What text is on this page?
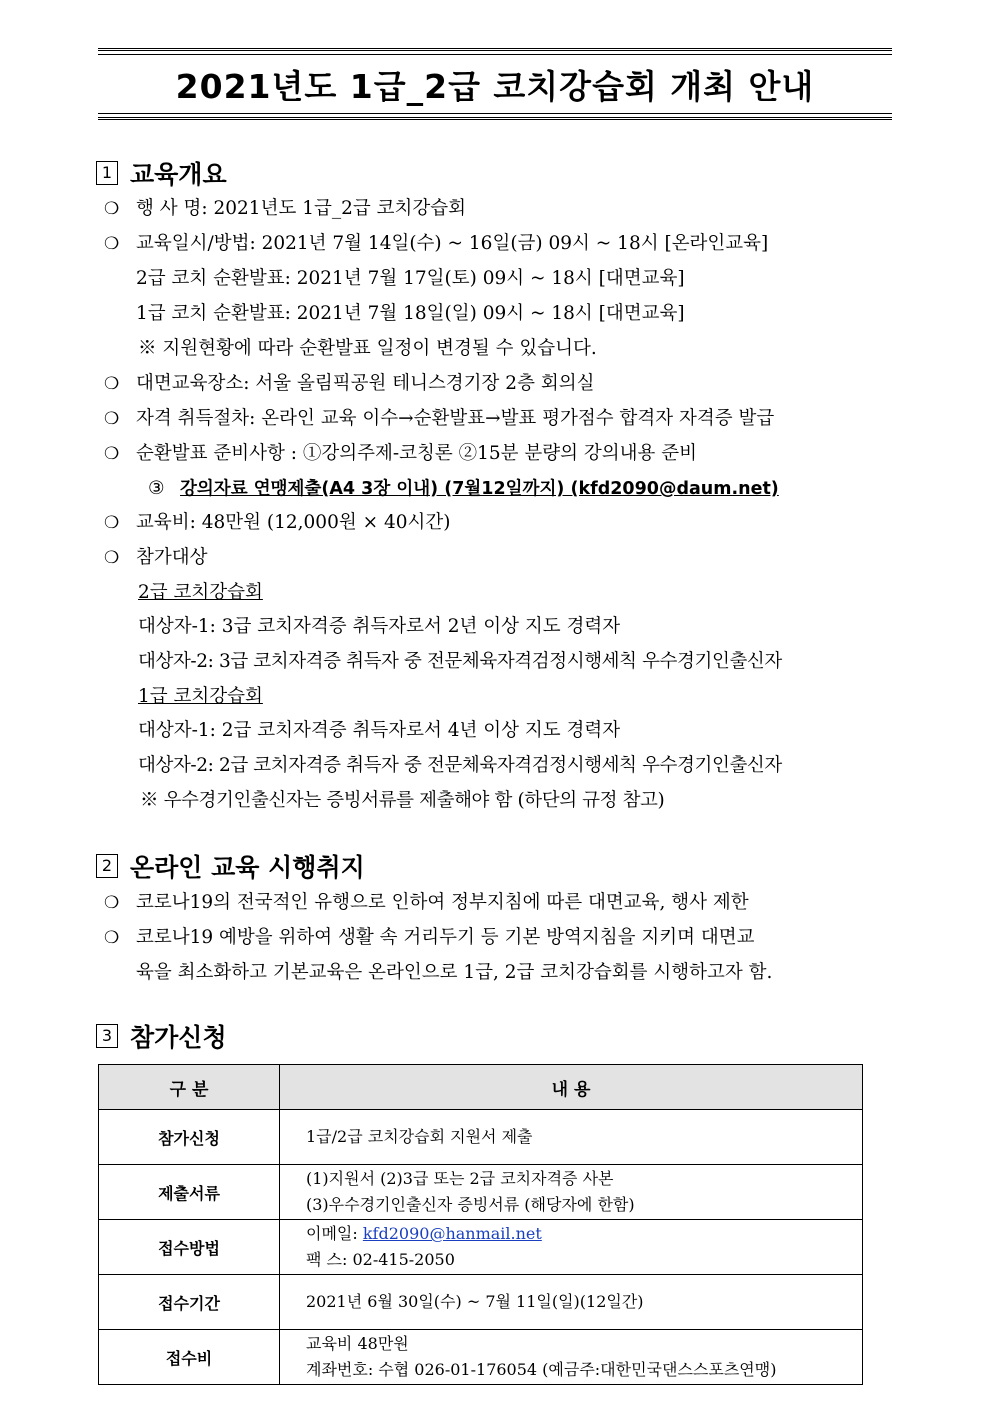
2021년도 1급_2급 코치강습회 개최 안내
1 교육개요
❍ 행 사 명: 2021년도 1급_2급 코치강습회
❍ 교육일시/방법: 2021년 7월 14일(수) ~ 16일(금) 09시 ~ 18시 [온라인교육]
2급 코치 순환발표: 2021년 7월 17일(토) 09시 ~ 18시 [대면교육]
1급 코치 순환발표: 2021년 7월 18일(일) 09시 ~ 18시 [대면교육]
※ 지원현황에 따라 순환발표 일정이 변경될 수 있습니다.
❍ 대면교육장소: 서울 올림픽공원 테니스경기장 2층 회의실
❍ 자격 취득절차: 온라인 교육 이수→순환발표→발표 평가점수 합격자 자격증 발급
❍ 순환발표 준비사항 : ①강의주제-코칭론 ②15분 분량의 강의내용 준비
③ 강의자료 연맹제출(A4 3장 이내) (7월12일까지) (kfd2090@daum.net)
❍ 교육비: 48만원 (12,000원 × 40시간)
❍ 참가대상
2급 코치강습회
대상자-1: 3급 코치자격증 취득자로서 2년 이상 지도 경력자
대상자-2: 3급 코치자격증 취득자 중 전문체육자격검정시행세칙 우수경기인출신자
1급 코치강습회
대상자-1: 2급 코치자격증 취득자로서 4년 이상 지도 경력자
대상자-2: 2급 코치자격증 취득자 중 전문체육자격검정시행세칙 우수경기인출신자
※ 우수경기인출신자는 증빙서류를 제출해야 함 (하단의 규정 참고)
2 온라인 교육 시행취지
❍ 코로나19의 전국적인 유행으로 인하여 정부지침에 따른 대면교육, 행사 제한
❍ 코로나19 예방을 위하여 생활 속 거리두기 등 기본 방역지침을 지키며 대면교
육을 최소화하고 기본교육은 온라인으로 1급, 2급 코치강습회를 시행하고자 함.
3 참가신청
구 분	내 용
참가신청	1급/2급 코치강습회 지원서 제출
제출서류	(1)지원서 (2)3급 또는 2급 코치자격증 사본
(3)우수경기인출신자 증빙서류 (해당자에 한함)

접수방법	이메일: kfd2090@hanmail.net
팩 스: 02-415-2050

접수기간	2021년 6월 30일(수) ~ 7월 11일(일)(12일간)
접수비	교육비 48만원
계좌번호: 수협 026-01-176054 (예금주:대한민국댄스스포츠연맹)
